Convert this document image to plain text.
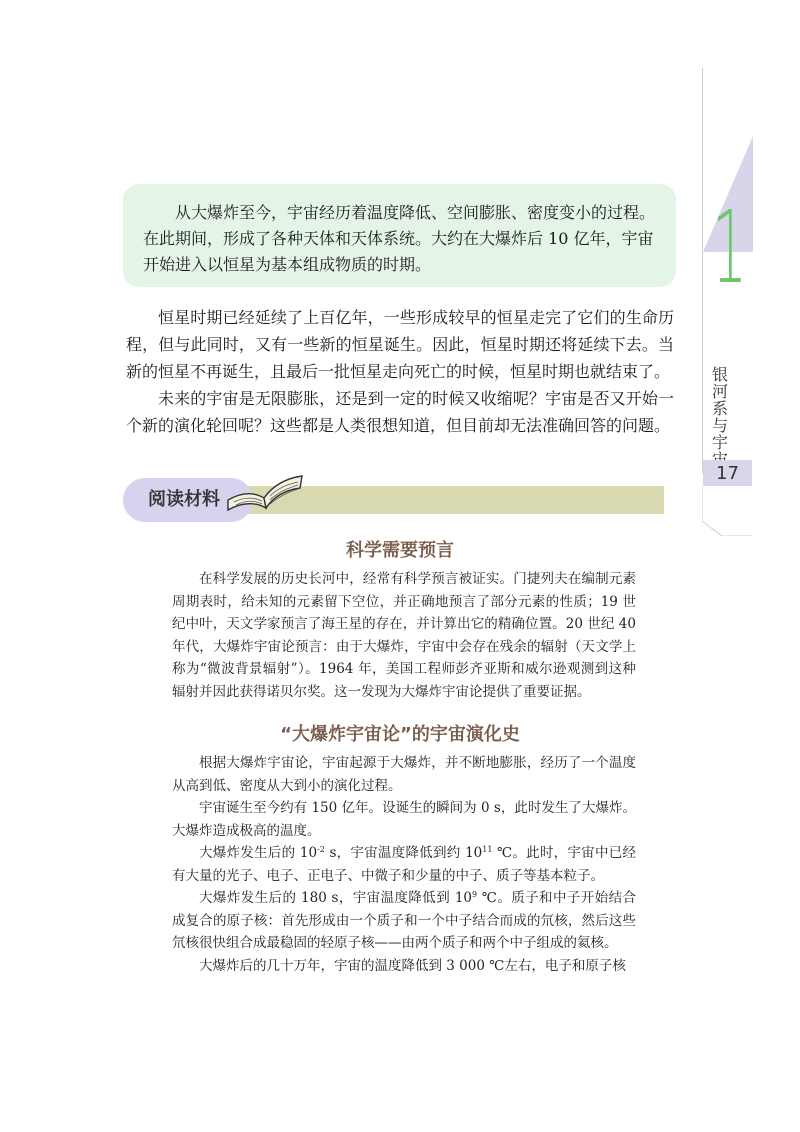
1
银河系与宇
17

从大爆炸至今，宇宙经历着温度降低、空间膨胀、密度变小的过程。在此期间，形成了各种天体和天体系统。大约在大爆炸后 10 亿年，宇宙开始进入以恒星为基本组成物质的时期。

恒星时期已经延续了上百亿年，一些形成较早的恒星走完了它们的生命历程，但与此同时，又有一些新的恒星诞生。因此，恒星时期还将延续下去。当新的恒星不再诞生，且最后一批恒星走向死亡的时候，恒星时期也就结束了。

未来的宇宙是无限膨胀，还是到一定的时候又收缩呢？宇宙是否又开始一个新的演化轮回呢？这些都是人类很想知道，但目前却无法准确回答的问题。

阅读材料
科学需要预言

在科学发展的历史长河中，经常有科学预言被证实。门捷列夫在编制元素周期表时，给未知的元素留下空位，并正确地预言了部分元素的性质；19 世纪中叶，天文学家预言了海王星的存在，并计算出它的精确位置。20 世纪 40 年代，大爆炸宇宙论预言：由于大爆炸，宇宙中会存在残余的辐射（天文学上称为“微波背景辐射”）。1964 年，美国工程师彭齐亚斯和威尔逊观测到这种辐射并因此获得诺贝尔奖。这一发现为大爆炸宇宙论提供了重要证据。

“大爆炸宇宙论”的宇宙演化史

根据大爆炸宇宙论，宇宙起源于大爆炸，并不断地膨胀，经历了一个温度从高到低、密度从大到小的演化过程。

宇宙诞生至今约有 150 亿年。设诞生的瞬间为 0 s，此时发生了大爆炸。大爆炸造成极高的温度。

大爆炸发生后的 $10^{-2}$ s，宇宙温度降低到约 $10^{11}$ ℃。此时，宇宙中已经有大量的光子、电子、正电子、中微子和少量的中子、质子等基本粒子。

大爆炸发生后的 180 s，宇宙温度降低到 $10^9$ ℃。质子和中子开始结合成复合的原子核：首先形成由一个质子和一个中子结合而成的氘核，然后这些氘核很快组合成最稳固的轻原子核——由两个质子和两个中子组成的氦核。

大爆炸后的几十万年，宇宙的温度降低到 3 000 ℃左右，电子和原子核
